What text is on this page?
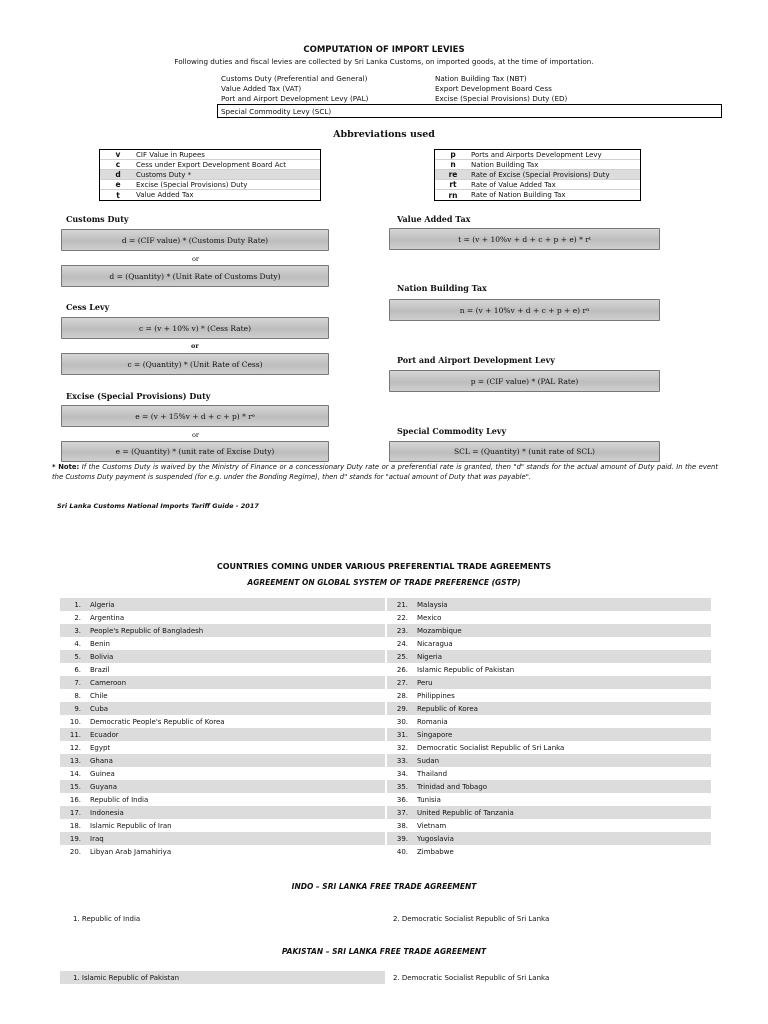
COMPUTATION OF IMPORT LEVIES
Following duties and fiscal levies are collected by Sri Lanka Customs, on imported goods, at the time of importation.
Customs Duty (Preferential and General)
Value Added Tax (VAT)
Port and Airport Development Levy (PAL)
Nation Building Tax (NBT)
Export Development Board Cess
Excise (Special Provisions) Duty (ED)
Special Commodity Levy (SCL)
Abbreviations used
v	CIF Value in Rupees
c	Cess under Export Development Board Act
d	Customs Duty *
e	Excise (Special Provisions) Duty
t	Value Added Tax
p	Ports and Airports Development Levy
n	Nation Building Tax
re	Rate of Excise (Special Provisions) Duty
rt	Rate of Value Added Tax
rn	Rate of Nation Building Tax
Customs Duty
d = (CIF value) * (Customs Duty Rate)
or
d = (Quantity) * (Unit Rate of Customs Duty)
Cess Levy
c = (v + 10% v) * (Cess Rate)
or
c = (Quantity) * (Unit Rate of Cess)
Excise (Special Provisions) Duty
e = (v + 15%v + d + c + p) * r e
or
e = (Quantity) * (unit rate of Excise Duty)
Value Added Tax
t = (v + 10%v + d + c + p + e) * r t
Nation Building Tax
n = (v + 10%v + d + c + p + e) r n
Port and Airport Development Levy
p = (CIF value) * (PAL Rate)
Special Commodity Levy
SCL = (Quantity) * (unit rate of SCL)
* Note: If the Customs Duty is waived by the Ministry of Finance or a concessionary Duty rate or a preferential rate is granted, then "d" stands for the actual amount of Duty paid. In the event the Customs Duty payment is suspended (for e.g. under the Bonding Regime), then d" stands for "actual amount of Duty that was payable".
Sri Lanka Customs National Imports Tariff Guide - 2017
COUNTRIES COMING UNDER VARIOUS PREFERENTIAL TRADE AGREEMENTS
AGREEMENT ON GLOBAL SYSTEM OF TRADE PREFERENCE (GSTP)
1.	Algeria
2.	Argentina
3.	People's Republic of Bangladesh
4.	Benin
5.	Bolivia
6.	Brazil
7.	Cameroon
8.	Chile
9.	Cuba
10.	Democratic People's Republic of Korea
11.	Ecuador
12.	Egypt
13.	Ghana
14.	Guinea
15.	Guyana
16.	Republic of India
17.	Indonesia
18.	Islamic Republic of Iran
19.	Iraq
20.	Libyan Arab Jamahiriya
21.	Malaysia
22.	Mexico
23.	Mozambique
24.	Nicaragua
25.	Nigeria
26.	Islamic Republic of Pakistan
27.	Peru
28.	Philippines
29.	Republic of Korea
30.	Romania
31.	Singapore
32.	Democratic Socialist Republic of Sri Lanka
33.	Sudan
34.	Thailand
35.	Trinidad and Tobago
36.	Tunisia
37.	United Republic of Tanzania
38.	Vietnam
39.	Yugoslavia
40.	Zimbabwe
INDO – SRI LANKA FREE TRADE AGREEMENT
1. Republic of India	2. Democratic Socialist Republic of Sri Lanka
PAKISTAN – SRI LANKA FREE TRADE AGREEMENT
1. Islamic Republic of Pakistan	2. Democratic Socialist Republic of Sri Lanka
